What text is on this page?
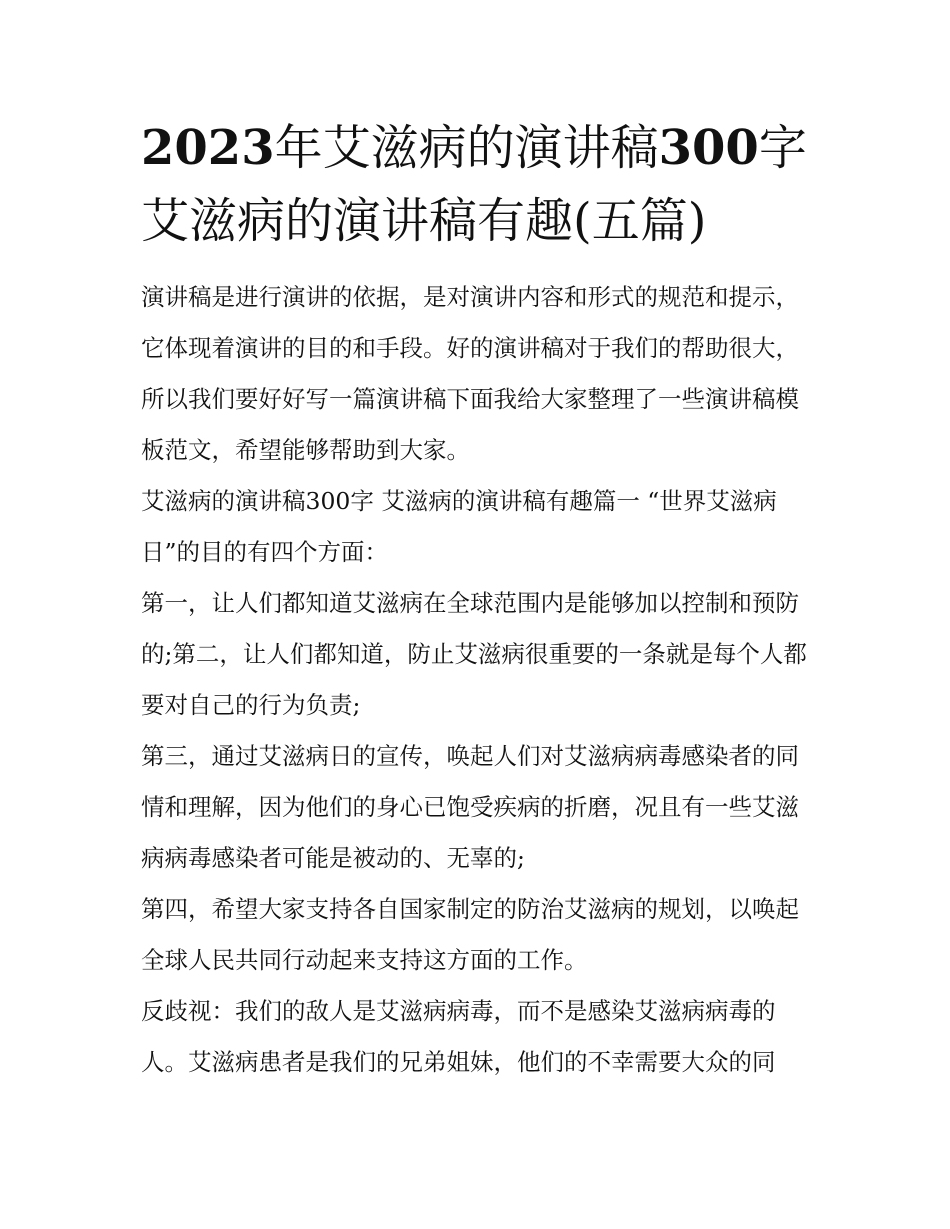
2023年艾滋病的演讲稿300字
艾滋病的演讲稿有趣(五篇)

演讲稿是进行演讲的依据，是对演讲内容和形式的规范和提示，它体现着演讲的目的和手段。好的演讲稿对于我们的帮助很大，所以我们要好好写一篇演讲稿下面我给大家整理了一些演讲稿模板范文，希望能够帮助到大家。

艾滋病的演讲稿300字 艾滋病的演讲稿有趣篇一 “世界艾滋病日”的目的有四个方面：

第一，让人们都知道艾滋病在全球范围内是能够加以控制和预防的;第二，让人们都知道，防止艾滋病很重要的一条就是每个人都要对自己的行为负责;

第三，通过艾滋病日的宣传，唤起人们对艾滋病病毒感染者的同情和理解，因为他们的身心已饱受疾病的折磨，况且有一些艾滋病病毒感染者可能是被动的、无辜的;

第四，希望大家支持各自国家制定的防治艾滋病的规划，以唤起全球人民共同行动起来支持这方面的工作。

反歧视：我们的敌人是艾滋病病毒，而不是感染艾滋病病毒的人。艾滋病患者是我们的兄弟姐妹，他们的不幸需要大众的同
